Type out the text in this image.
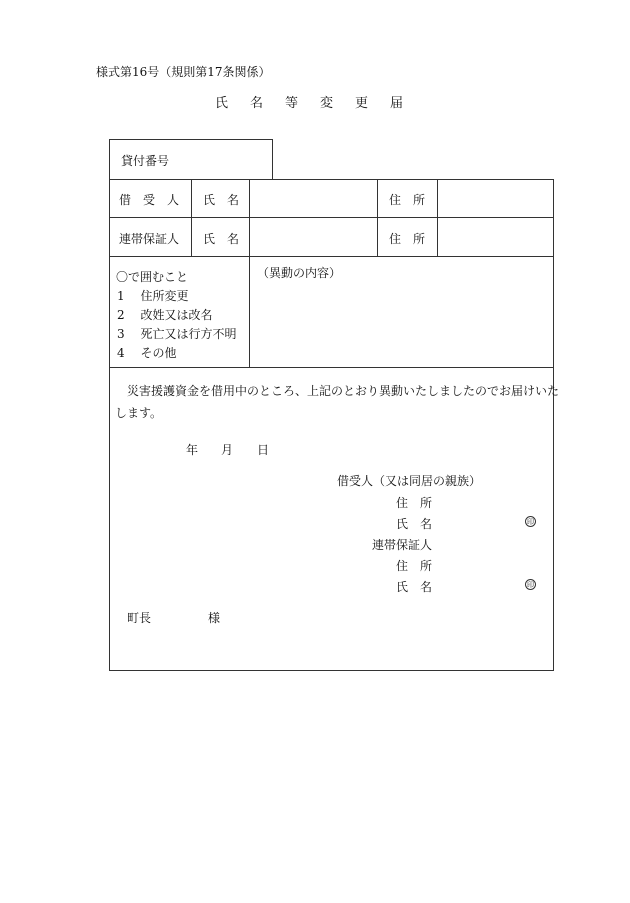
様式第16号（規則第17条関係）
氏名等変更届
貸付番号
借　受　人 氏　名	住　所
連帯保証人 氏　名	住　所
〇で囲むこと
1 住所変更
2 改姓又は改名
3 死亡又は行方不明
4 その他
（異動の内容）
災害援護資金を借用中のところ、上記のとおり異動いたしましたのでお届けいた
します。
年 月 日
借受人（又は同居の親族）
住　所
氏　名	印
連帯保証人
住　所
氏　名	印
町長	様
